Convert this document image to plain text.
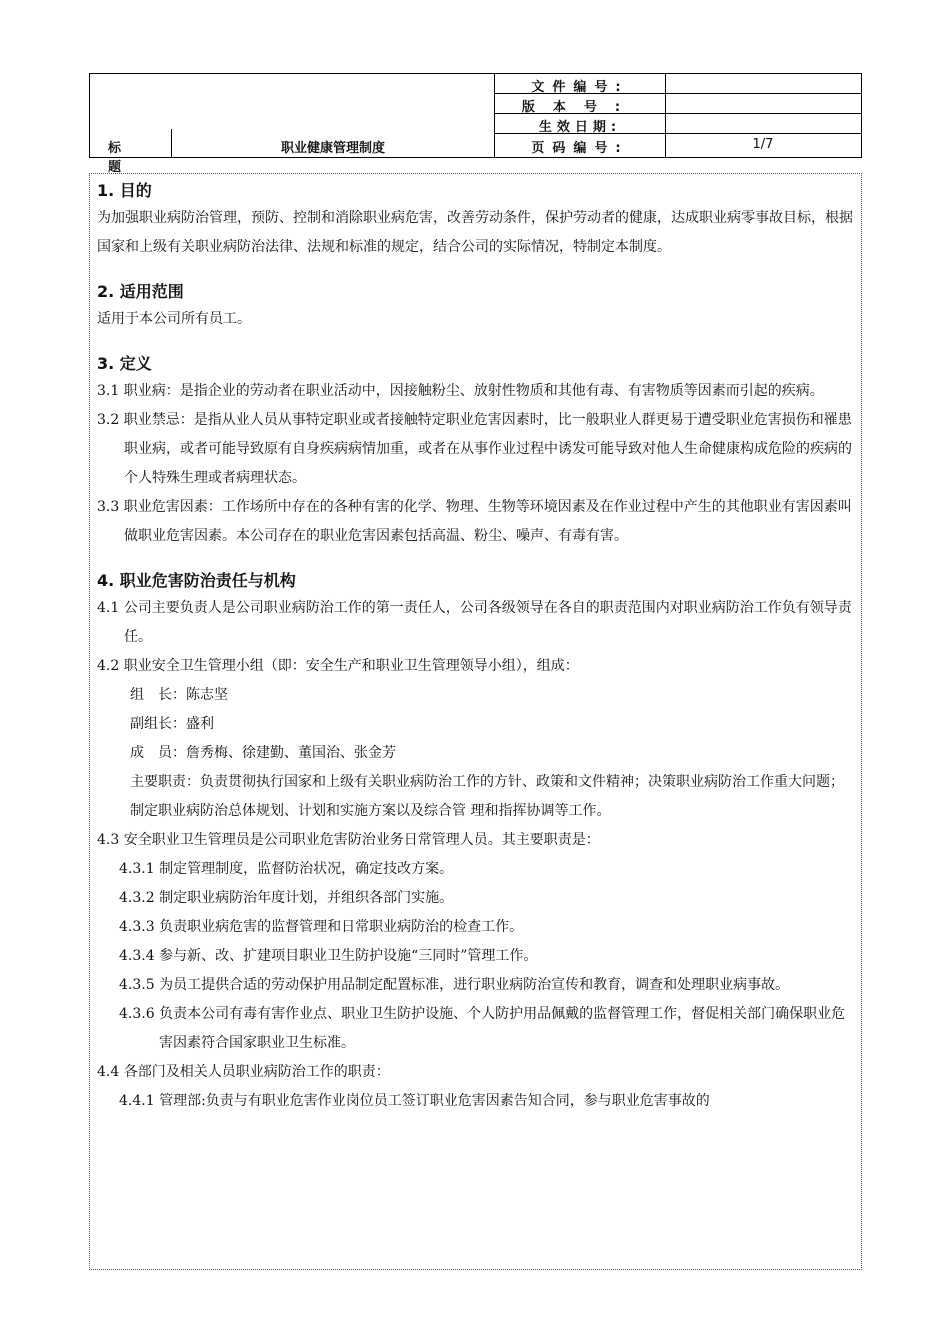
标题
职业健康管理制度
文件编号:
版本号:
生效日期:
页码编号:	1/7
1. 目的

为加强职业病防治管理，预防、控制和消除职业病危害，改善劳动条件，保护劳动者的健康，达成职业病零事故目标，根据国家和上级有关职业病防治法律、法规和标准的规定，结合公司的实际情况，特制定本制度。

2. 适用范围

适用于本公司所有员工。

3. 定义

3.1 职业病：是指企业的劳动者在职业活动中，因接触粉尘、放射性物质和其他有毒、有害物质等因素而引起的疾病。

3.2 职业禁忌：是指从业人员从事特定职业或者接触特定职业危害因素时，比一般职业人群更易于遭受职业危害损伤和罹患职业病，或者可能导致原有自身疾病病情加重，或者在从事作业过程中诱发可能导致对他人生命健康构成危险的疾病的个人特殊生理或者病理状态。

3.3 职业危害因素：工作场所中存在的各种有害的化学、物理、生物等环境因素及在作业过程中产生的其他职业有害因素叫做职业危害因素。本公司存在的职业危害因素包括高温、粉尘、噪声、有毒有害。

4. 职业危害防治责任与机构

4.1 公司主要负责人是公司职业病防治工作的第一责任人，公司各级领导在各自的职责范围内对职业病防治工作负有领导责任。

4.2 职业安全卫生管理小组（即：安全生产和职业卫生管理领导小组），组成：

组　长：陈志坚

副组长：盛利

成　员：詹秀梅、徐建勤、董国治、张金芳

主要职责：负责贯彻执行国家和上级有关职业病防治工作的方针、政策和文件精神；决策职业病防治工作重大问题；制定职业病防治总体规划、计划和实施方案以及综合管 理和指挥协调等工作。

4.3 安全职业卫生管理员是公司职业危害防治业务日常管理人员。其主要职责是：

4.3.1 制定管理制度，监督防治状况，确定技改方案。

4.3.2 制定职业病防治年度计划，并组织各部门实施。

4.3.3 负责职业病危害的监督管理和日常职业病防治的检查工作。

4.3.4 参与新、改、扩建项目职业卫生防护设施“三同时”管理工作。

4.3.5 为员工提供合适的劳动保护用品制定配置标准，进行职业病防治宣传和教育，调查和处理职业病事故。

4.3.6 负责本公司有毒有害作业点、职业卫生防护设施、个人防护用品佩戴的监督管理工作，督促相关部门确保职业危害因素符合国家职业卫生标准。

4.4 各部门及相关人员职业病防治工作的职责：

4.4.1 管理部:负责与有职业危害作业岗位员工签订职业危害因素告知合同，参与职业危害事故的
